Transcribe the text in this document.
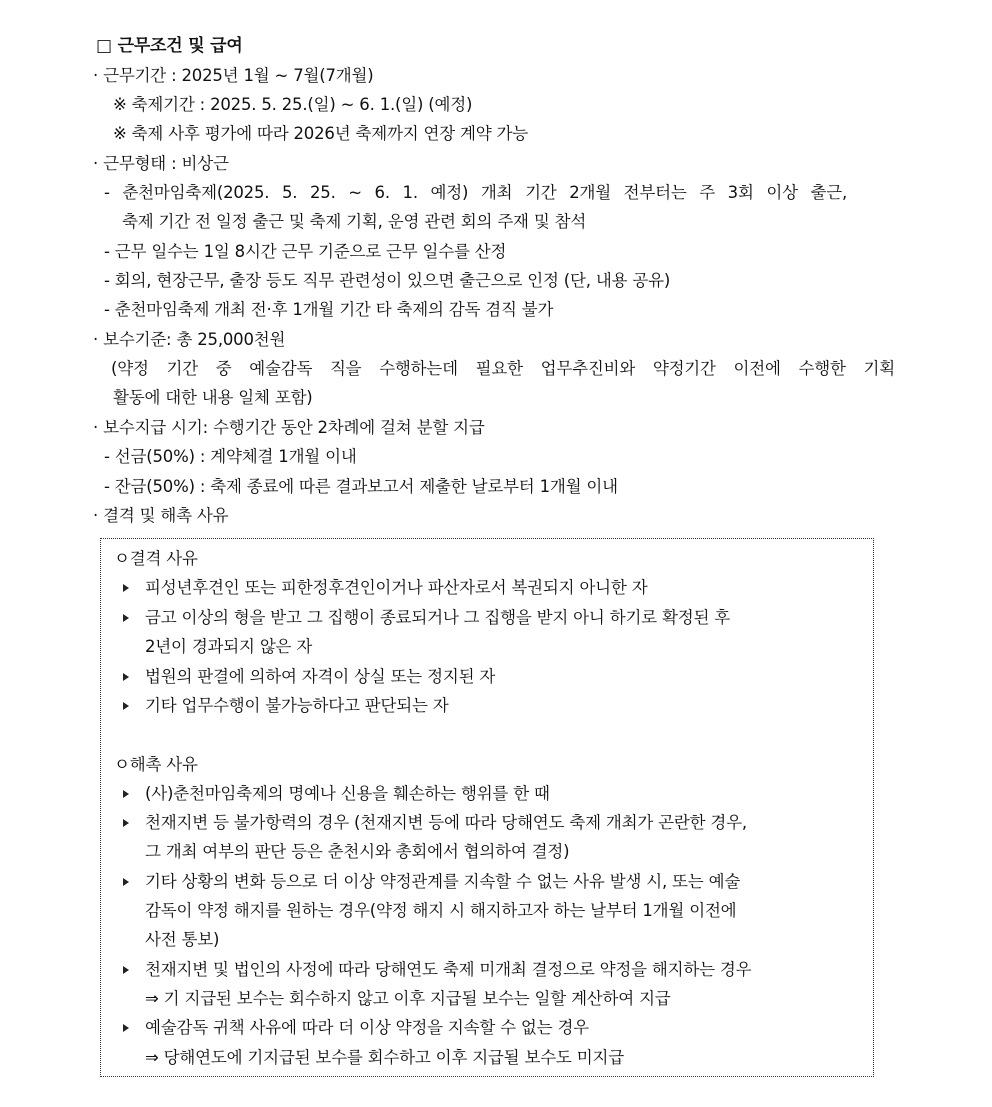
□ 근무조건 및 급여
· 근무기간 : 2025년 1월 ~ 7월(7개월)
※ 축제기간 : 2025. 5. 25.(일) ~ 6. 1.(일) (예정)
※ 축제 사후 평가에 따라 2026년 축제까지 연장 계약 가능
· 근무형태 : 비상근
- 춘천마임축제(2025. 5. 25. ~ 6. 1. 예정) 개최 기간 2개월 전부터는 주 3회 이상 출근,
축제 기간 전 일정 출근 및 축제 기획, 운영 관련 회의 주재 및 참석
- 근무 일수는 1일 8시간 근무 기준으로 근무 일수를 산정
- 회의, 현장근무, 출장 등도 직무 관련성이 있으면 출근으로 인정 (단, 내용 공유)
- 춘천마임축제 개최 전·후 1개월 기간 타 축제의 감독 겸직 불가
· 보수기준: 총 25,000천원
(약정 기간 중 예술감독 직을 수행하는데 필요한 업무추진비와 약정기간 이전에 수행한 기획
활동에 대한 내용 일체 포함)
· 보수지급 시기: 수행기간 동안 2차례에 걸쳐 분할 지급
- 선금(50%) : 계약체결 1개월 이내
- 잔금(50%) : 축제 종료에 따른 결과보고서 제출한 날로부터 1개월 이내
· 결격 및 해촉 사유
ㅇ결격 사유
피성년후견인 또는 피한정후견인이거나 파산자로서 복권되지 아니한 자
금고 이상의 형을 받고 그 집행이 종료되거나 그 집행을 받지 아니 하기로 확정된 후
2년이 경과되지 않은 자
법원의 판결에 의하여 자격이 상실 또는 정지된 자
기타 업무수행이 불가능하다고 판단되는 자
ㅇ해촉 사유
(사)춘천마임축제의 명예나 신용을 훼손하는 행위를 한 때
천재지변 등 불가항력의 경우 (천재지변 등에 따라 당해연도 축제 개최가 곤란한 경우,
그 개최 여부의 판단 등은 춘천시와 총회에서 협의하여 결정)
기타 상황의 변화 등으로 더 이상 약정관계를 지속할 수 없는 사유 발생 시, 또는 예술
감독이 약정 해지를 원하는 경우(약정 해지 시 해지하고자 하는 날부터 1개월 이전에
사전 통보)
천재지변 및 법인의 사정에 따라 당해연도 축제 미개최 결정으로 약정을 해지하는 경우
⇒ 기 지급된 보수는 회수하지 않고 이후 지급될 보수는 일할 계산하여 지급
예술감독 귀책 사유에 따라 더 이상 약정을 지속할 수 없는 경우
⇒ 당해연도에 기지급된 보수를 회수하고 이후 지급될 보수도 미지급
